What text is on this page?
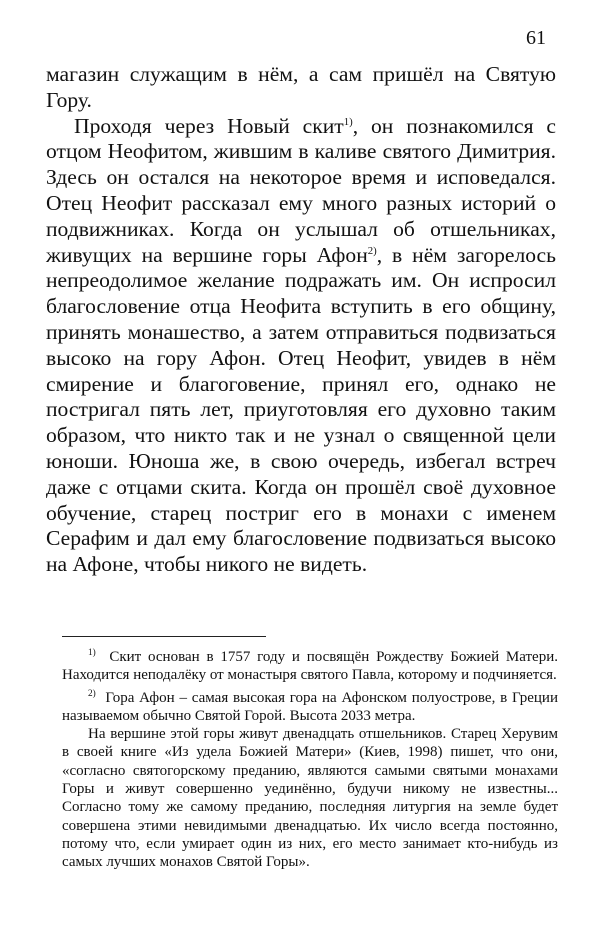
61

магазин служащим в нём, а сам пришёл на Святую Гору.

Проходя через Новый скит$^{1)}$, он познакомился с отцом Неофитом, жившим в каливе святого Димитрия. Здесь он остался на некоторое время и исповедался. Отец Неофит рассказал ему много разных историй о подвижниках. Когда он услышал об отшельниках, живущих на вершине горы Афон$^{2)}$, в нём загорелось непреодолимое желание подражать им. Он испросил благословение отца Неофита вступить в его общину, принять монашество, а затем отправиться подвизаться высоко на гору Афон. Отец Неофит, увидев в нём смирение и благоговение, принял его, однако не постригал пять лет, приуготовляя его духовно таким образом, что никто так и не узнал о священной цели юноши. Юноша же, в свою очередь, избегал встреч даже с отцами скита. Когда он прошёл своё духовное обучение, старец постриг его в монахи с именем Серафим и дал ему благословение подвизаться высоко на Афоне, чтобы никого не видеть.

$^{1)}$ Скит основан в 1757 году и посвящён Рождеству Божией Матери. Находится неподалёку от монастыря святого Павла, которому и подчиняется.

$^{2)}$ Гора Афон – самая высокая гора на Афонском полуострове, в Греции называемом обычно Святой Горой. Высота 2033 метра.

На вершине этой горы живут двенадцать отшельников. Старец Херувим в своей книге «Из удела Божией Матери» (Киев, 1998) пишет, что они, «согласно святогорскому преданию, являются самыми святыми монахами Горы и живут совершенно уединённо, будучи никому не известны... Согласно тому же самому преданию, последняя литургия на земле будет совершена этими невидимыми двенадцатью. Их число всегда постоянно, потому что, если умирает один из них, его место занимает кто-нибудь из самых лучших монахов Святой Горы».
